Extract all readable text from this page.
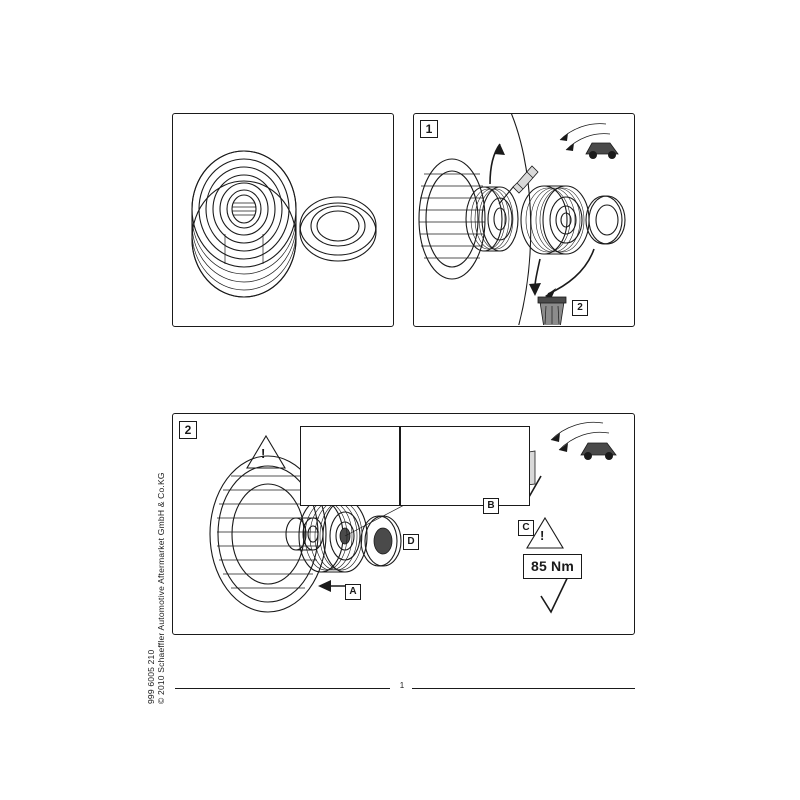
1
2
!
!
B
C
D
A
2
85 Nm
© 2010 Schaeffler Automotive Aftermarket GmbH & Co.KG
999 6005 210	1
